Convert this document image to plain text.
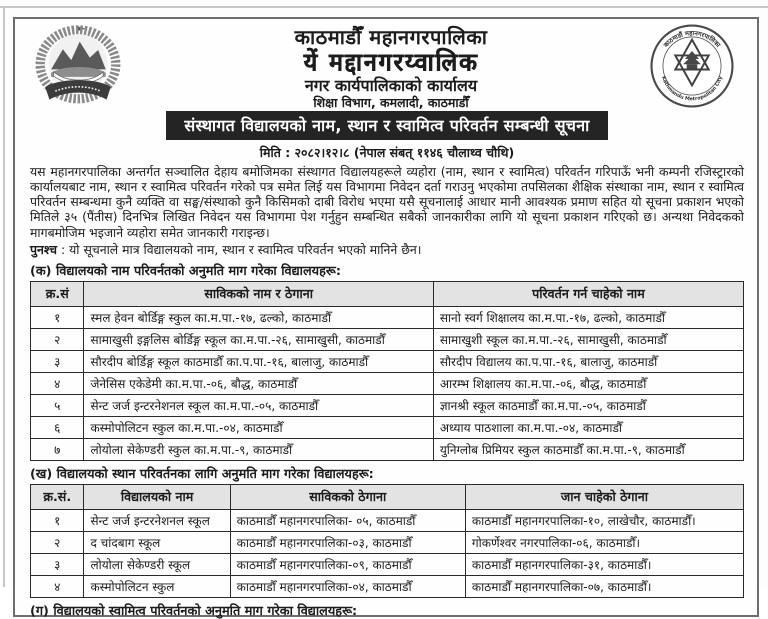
काठमाडौँ महानगरपालिका
यें मद्दानगरय्वालिक
नगर कार्यपालिकाको कार्यालय
शिक्षा विभाग, कमलादी, काठमाडौँ
काठमाडौं महानगरपालिका
Kathmandu Metropolitan City
संस्थागत विद्यालयको नाम, स्थान र स्वामित्व परिवर्तन सम्बन्धी सूचना
मिति : २०८२।१२।८ (नेपाल संबत् ११४६ चौलाथ्व चौथि)
यस महानगरपालिका अन्तर्गत सञ्चालित देहाय बमोजिमका संस्थागत विद्यालयहरूले व्यहोरा (नाम, स्थान र स्वामित्व) परिवर्तन गरिपाऊँ भनी कम्पनी रजिस्ट्रारको कार्यालयबाट नाम, स्थान र स्वामित्व परिवर्तन गरेको पत्र समेत लिई यस विभागमा निवेदन दर्ता गराउनु भएकोमा तपसिलका शैक्षिक संस्थाका नाम, स्थान र स्वामित्व परिवर्तन सम्बन्धमा कुनै व्यक्ति वा सङ्घ/संस्थाको कुनै किसिमको दाबी विरोध भएमा यसै सूचनालाई आधार मानी आवश्यक प्रमाण सहित यो सूचना प्रकाशन भएको मितिले ३५ (पैंतीस) दिनभित्र लिखित निवेदन यस विभागमा पेश गर्नुहुन सम्बन्धित सबैको जानकारीका लागि यो सूचना प्रकाशन गरिएको छ। अन्यथा निवेदकको मागबमोजिम भइजाने व्यहोरा समेत जानकारी गराइन्छ।
पुनश्च : यो सूचनाले मात्र विद्यालयको नाम, स्थान र स्वामित्व परिवर्तन भएको मानिने छैन।
(क) विद्यालयको नाम परिवर्नतको अनुमति माग गरेका विद्यालयहरू:
क्र.सं	साविकको नाम र ठेगाना	परिवर्तन गर्न चाहेको नाम
१	स्मल हेवन बोर्डिङ्ग स्कुल का.म.पा.-१७, ढल्को, काठमाडौँ	सानो स्वर्ग शिक्षालय का.म.पा.-१७, ढल्को, काठमाडौँ
२	सामाखुसी इङ्गलिस बोर्डिङ्ग स्कूल का.म.पा.-२६, सामाखुसी, काठमाडौँ	सामाखुशी स्कूल का.म.पा.-२६, सामाखुसी, काठमाडौँ
३	सौरदीप बोर्डिङ्ग स्कूल काठमाडौँ का.प.पा.-१६, बालाजु, काठमाडौँ	सौरदीप विद्यालय का.प.पा.-१६, बालाजु, काठमाडौँ
४	जेनेसिस एकेडेमी का.म.पा.-०६, बौद्ध, काठमाडौँ	आरम्भ शिक्षालय का.म.पा.-०६, बौद्ध, काठमाडौँ
५	सेन्ट जर्ज इन्टरनेशनल स्कूल का.म.पा.-०५, काठमाडौँ	ज्ञानश्री स्कूल काठमाडौँ का.म.पा.-०५, काठमाडौँ
६	कस्मोपोलिटन स्कुल का.म.पा.-०४, काठमाडौँ	अध्याय पाठशाला का.म.पा.-०४, काठमाडौँ
७	लोयोला सेकेण्डरी स्कुल का.म.पा.-९, काठमाडौँ	युनिग्लोब प्रिमियर स्कुल काठमाडौँ का.म.पा.-९, काठमाडौँ
(ख) विद्यालयको स्थान परिवर्तनका लागि अनुमति माग गरेका विद्यालयहरू:
क्र.सं.	विद्यालयको नाम	साविकको ठेगाना	जान चाहेको ठेगाना
१	सेन्ट जर्ज इन्टरनेशनल स्कूल	काठमाडौँ महानगरपालिका- ०५, काठमाडौँ	काठमाडौँ महानगरपालिका-१०, लाखेचौर, काठमाडौँ।
२	द चांदबाग स्कूल	काठमाडौँ महानगरपालिका-०३, काठमाडौँ	गोकर्णेश्वर नगरपालिका-०६, काठमाडौँ।
३	लोयोला सेकेण्डरी स्कूल	काठमाडौँ महानगरपालिका-०९, काठमाडौँ	काठमाडौँ महानगरपालिका-३१, काठमाडौँ।
४	कस्मोपोलिटन स्कुल	काठमाडौँ महानगरपालिका-०४, काठमाडौँ	काठमाडौँ महानगरपालिका-०७, काठमाडौँ।
(ग) विद्यालयको स्वामित्व परिवर्तनको अनुमति माग गरेका विद्यालयहरू:
